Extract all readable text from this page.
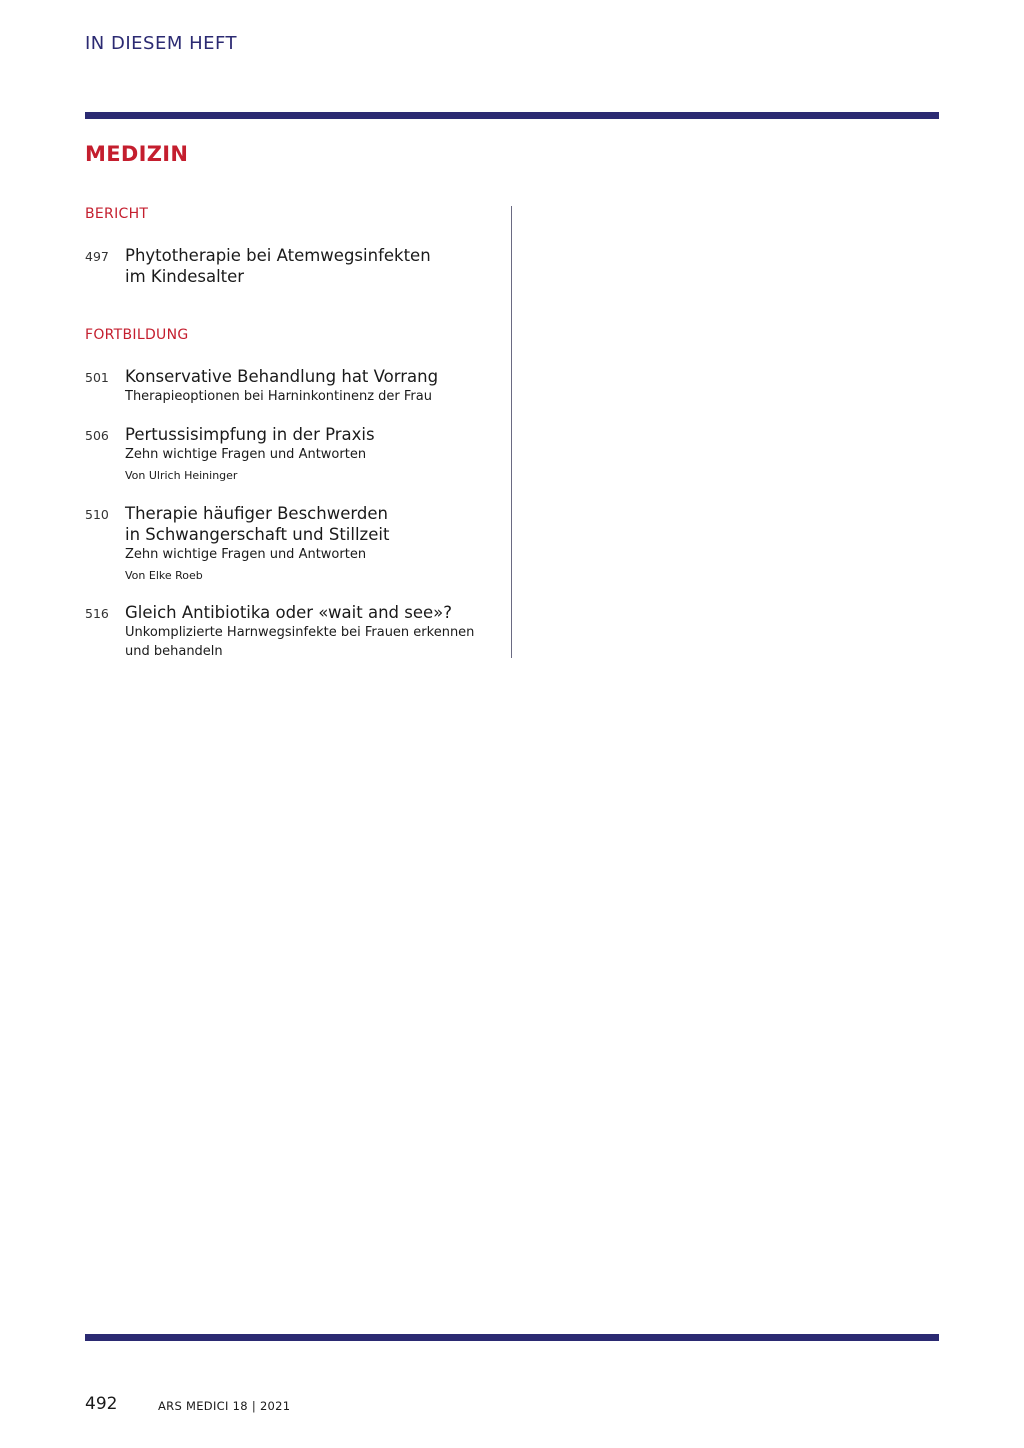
IN DIESEM HEFT
MEDIZIN
BERICHT
497 Phytotherapie bei Atemwegsinfekten
im Kindesalter
FORTBILDUNG
501 Konservative Behandlung hat Vorrang
Therapieoptionen bei Harninkontinenz der Frau
506 Pertussisimpfung in der Praxis
Zehn wichtige Fragen und Antworten
Von Ulrich Heininger
510 Therapie häufiger Beschwerden
in Schwangerschaft und Stillzeit
Zehn wichtige Fragen und Antworten
Von Elke Roeb
516 Gleich Antibiotika oder «wait and see»?
Unkomplizierte Harnwegsinfekte bei Frauen erkennen
und behandeln
492	ARS MEDICI 18 | 2021
